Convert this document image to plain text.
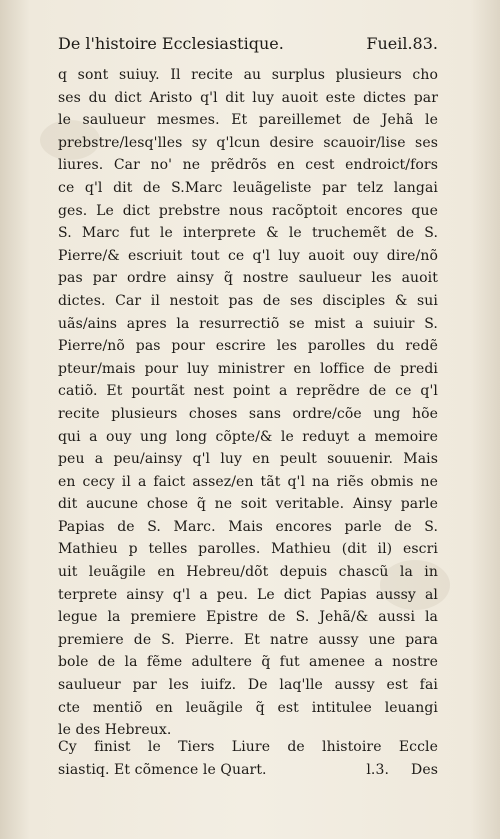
De l'histoire Ecclesiastique.	Fueil.83.
q sont suiuy. Il recite au surplus plusieurs cho
ses du dict Aristo q'l dit luy auoit este dictes par
le saulueur mesmes. Et pareillemet de Jehã le
prebstre/lesq'lles sy q'lcun desire scauoir/lise ses
liures. Car no' ne prẽdrõs en cest endroict/fors
ce q'l dit de S.Marc leuãgeliste par telz langai
ges. Le dict prebstre nous racõptoit encores que
S. Marc fut le interprete & le truchemẽt de S.
Pierre/& escriuit tout ce q'l luy auoit ouy dire/nõ
pas par ordre ainsy q̃ nostre saulueur les auoit
dictes. Car il nestoit pas de ses disciples & sui
uãs/ains apres la resurrectiõ se mist a suiuir S.
Pierre/nõ pas pour escrire les parolles du redẽ
pteur/mais pour luy ministrer en loffice de predi
catiõ. Et pourtãt nest point a reprẽdre de ce q'l
recite plusieurs choses sans ordre/cõe ung hõe
qui a ouy ung long cõpte/& le reduyt a memoire
peu a peu/ainsy q'l luy en peult souuenir. Mais
en cecy il a faict assez/en tãt q'l na riẽs obmis ne
dit aucune chose q̃ ne soit veritable. Ainsy parle
Papias de S. Marc. Mais encores parle de S.
Mathieu p telles parolles. Mathieu (dit il) escri
uit leuãgile en Hebreu/dõt depuis chascũ la in
terprete ainsy q'l a peu. Le dict Papias aussy al
legue la premiere Epistre de S. Jehã/& aussi la
premiere de S. Pierre. Et natre aussy une para
bole de la fẽme adultere q̃ fut amenee a nostre
saulueur par les iuifz. De laq'lle aussy est fai
cte mentiõ en leuãgile q̃ est intitulee leuangi
le des Hebreux.
Cy finist le Tiers Liure de lhistoire Eccle
siastiq. Et cõmence le Quart.	l.3. Des
